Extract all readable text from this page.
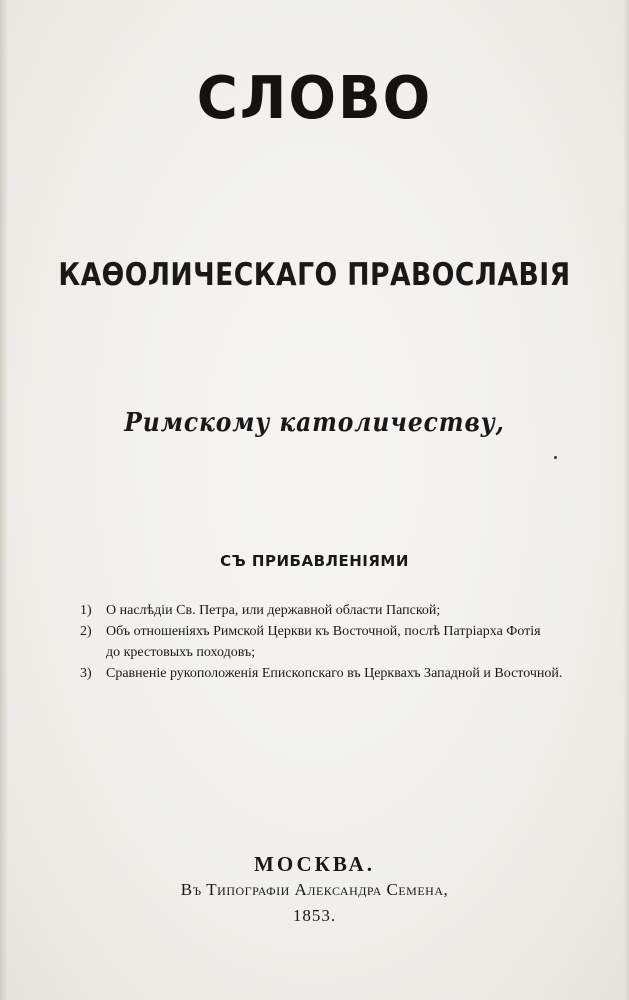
СЛОВО
КАѲОЛИЧЕСКАГО ПРАВОСЛАВІЯ
Римскому католичеству,
СЪ ПРИБАВЛЕНІЯМИ
1) О наслѣдіи Св. Петра, или державной области Папской;
2) Объ отношеніяхъ Римской Церкви къ Восточной, послѣ Патріарха Фотія
до крестовыхъ походовъ;
3) Сравненіе рукоположенія Епископскаго въ Церквахъ Западной и Восточной.
МОСКВА.
Въ Типографіи Александра Семена,
1853.
